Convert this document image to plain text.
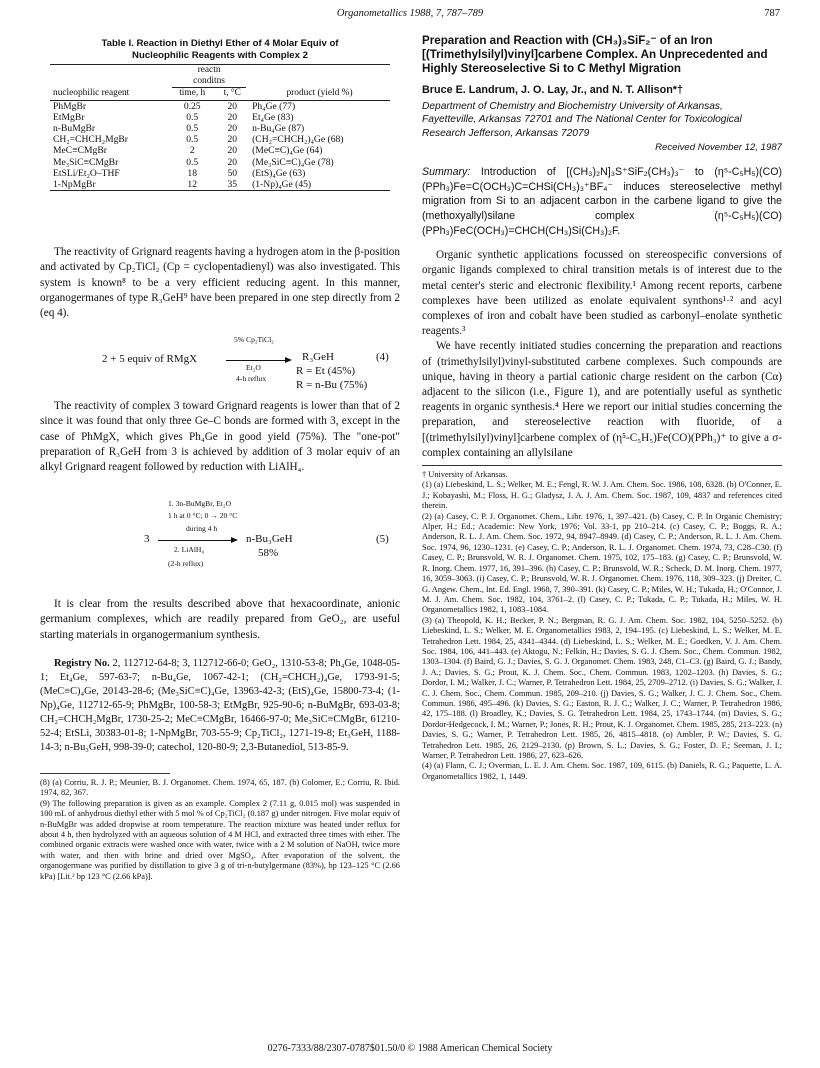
Organometallics 1988, 7, 787–789	787
Table I. Reaction in Diethyl Ether of 4 Molar Equiv of
Nucleophilic Reagents with Complex 2

	reactn
conditns		

nucleophilic reagent	time, h	t, °C	product (yield %)
PhMgBr	0.25	20	Ph₄Ge (77)
EtMgBr	0.5	20	Et₄Ge (83)
n-BuMgBr	0.5	20	n-Bu₄Ge (87)
CH₂=CHCH₂MgBr	0.5	20	(CH₂=CHCH₂)₄Ge (68)
MeC≡CMgBr	2	20	(MeC≡C)₄Ge (64)
Me₃SiC≡CMgBr	0.5	20	(Me₃SiC≡C)₄Ge (78)
EtSLi/Et₂O–THF	18	50	(EtS)₄Ge (63)
1-NpMgBr	12	35	(1-Np)₄Ge (45)

The reactivity of Grignard reagents having a hydrogen atom in the β-position and activated by Cp₂TiCl₂ (Cp = cyclopentadienyl) was also investigated. This system is known⁸ to be a very efficient reducing agent. In this manner, organogermanes of type R₃GeH⁹ have been prepared in one step directly from 2 (eq 4).

2 + 5 equiv of RMgX
5% Cp₂TiCl₂
Et₂O
4-h reflux
R₃GeH
R = Et (45%)
R = n-Bu (75%)
(4)

The reactivity of complex 3 toward Grignard reagents is lower than that of 2 since it was found that only three Ge–C bonds are formed with 3, except in the case of PhMgX, which gives Ph₄Ge in good yield (75%). The "one-pot" preparation of R₃GeH from 3 is achieved by addition of 3 molar equiv of an alkyl Grignard reagent followed by reduction with LiAlH₄.

1. 3n-BuMgBr, Et₂O
1 h at 0 °C; 0 → 20 °C
during 4 h
3
2. LiAlH₄
(2-h reflux)
n-Bu₃GeH
58%
(5)

It is clear from the results described above that hexacoordinate, anionic germanium complexes, which are readily prepared from GeO₂, are useful starting materials in organogermanium synthesis.

Registry No. 2, 112712-64-8; 3, 112712-66-0; GeO₂, 1310-53-8; Ph₄Ge, 1048-05-1; Et₄Ge, 597-63-7; n-Bu₄Ge, 1067-42-1; (CH₂=CHCH₂)₄Ge, 1793-91-5; (MeC≡C)₄Ge, 20143-28-6; (Me₃SiC≡C)₄Ge, 13963-42-3; (EtS)₄Ge, 15800-73-4; (1-Np)₄Ge, 112712-65-9; PhMgBr, 100-58-3; EtMgBr, 925-90-6; n-BuMgBr, 693-03-8; CH₂=CHCH₂MgBr, 1730-25-2; MeC≡CMgBr, 16466-97-0; Me₃SiC≡CMgBr, 61210-52-4; EtSLi, 30383-01-8; 1-NpMgBr, 703-55-9; Cp₂TiCl₂, 1271-19-8; Et₃GeH, 1188-14-3; n-Bu₃GeH, 998-39-0; catechol, 120-80-9; 2,3-Butanediol, 513-85-9.

(8) (a) Corriu, R. J. P.; Meunier, B. J. Organomet. Chem. 1974, 65, 187. (b) Colomer, E.; Corriu, R. Ibid. 1974, 82, 367.
(9) The following preparation is given as an example. Complex 2 (7.11 g, 0.015 mol) was suspended in 100 mL of anhydrous diethyl ether with 5 mol % of Cp₂TiCl₂ (0.187 g) under nitrogen. Five molar equiv of n-BuMgBr was added dropwise at room temperature. The reaction mixture was heated under reflux for about 4 h, then hydrolyzed with an aqueous solution of 4 M HCl, and extracted three times with ether. The combined organic extracts were washed once with water, twice with a 2 M solution of NaOH, twice more with water, and then with brine and dried over MgSO₄. After evaporation of the solvent, the organogermane was purified by distillation to give 3 g of tri-n-butylgermane (83%), bp 123–125 °C (2.66 kPa) [Lit.² bp 123 °C (2.66 kPa)].
Preparation and Reaction with (CH₃)₃SiF₂⁻ of an Iron [(Trimethylsilyl)vinyl]carbene Complex. An Unprecedented and Highly Stereoselective Si to C Methyl Migration
Bruce E. Landrum, J. O. Lay, Jr., and N. T. Allison*†
Department of Chemistry and Biochemistry University of Arkansas, Fayetteville, Arkansas 72701 and The National Center for Toxicological Research Jefferson, Arkansas 72079
Received November 12, 1987
Summary: Introduction of [(CH₃)₂N]₃S⁺SiF₂(CH₃)₃⁻ to (η⁵-C₅H₅)(CO)(PPh₃)Fe=C(OCH₃)C=CHSi(CH₃)₃⁺BF₄⁻ induces stereoselective methyl migration from Si to an adjacent carbon in the carbene ligand to give the (methoxyallyl)silane complex (η⁵-C₅H₅)(CO)(PPh₃)FeC(OCH₃)=CHCH(CH₃)Si(CH₃)₂F.

Organic synthetic applications focussed on stereospecific conversions of organic ligands complexed to chiral transition metals is of interest due to the metal center's steric and electronic flexibility.¹ Among recent reports, carbene complexes have been utilized as enolate equivalent synthons¹·² and acyl complexes of iron and cobalt have been studied as carbonyl–enolate synthetic reagents.³

We have recently initiated studies concerning the preparation and reactions of (trimethylsilyl)vinyl-substituted carbene complexes. Such compounds are unique, having in theory a partial cationic charge resident on the carbon (Cα) adjacent to the silicon (i.e., Figure 1), and are potentially useful as synthetic reagents in organic synthesis.⁴ Here we report our initial studies concerning the preparation, and stereoselective reaction with fluoride, of a [(trimethylsilyl)vinyl]carbene complex of (η⁵-C₅H₅)Fe(CO)(PPh₃)⁺ to give a σ-complex containing an allylsilane

† University of Arkansas.
(1) (a) Liebeskind, L. S.; Welker, M. E.; Fengl, R. W. J. Am. Chem. Soc. 1986, 108, 6328. (b) O'Conner, E. J.; Kobayashi, M.; Floss, H. G.; Gladysz, J. A. J. Am. Chem. Soc. 1987, 109, 4837 and references cited therein.
(2) (a) Casey, C. P. J. Organomet. Chem., Libr. 1976, 1, 397–421. (b) Casey, C. P. In Organic Chemistry; Alper, H.; Ed.; Academic: New York, 1976; Vol. 33-1, pp 210–214. (c) Casey, C. P.; Boggs, R. A.; Anderson, R. L. J. Am. Chem. Soc. 1972, 94, 8947–8949. (d) Casey, C. P.; Anderson, R. L. J. Am. Chem. Soc. 1974, 96, 1230–1231. (e) Casey, C. P.; Anderson, R. L. J. Organomet. Chem. 1974, 73, C28–C30. (f) Casey, C. P.; Brunsvold, W. R. J. Organomet. Chem. 1975, 102, 175–183. (g) Casey, C. P.; Brunsvold, W. R. Inorg. Chem. 1977, 16, 391–396. (h) Casey, C. P.; Brunsvold, W. R.; Scheck, D. M. Inorg. Chem. 1977, 16, 3059–3063. (i) Casey, C. P.; Brunsvold, W. R. J. Organomet. Chem. 1976, 118, 309–323. (j) Dreiter, C. G. Angew. Chem., Int. Ed. Engl. 1968, 7, 390–391. (k) Casey, C. P.; Miles, W. H.; Tukada, H.; O'Connor, J. M. J. Am. Chem. Soc. 1982, 104, 3761–2. (l) Casey, C. P.; Tukada, C. P.; Tukada, H.; Miles, W. H. Organometallics 1982, 1, 1083–1084.
(3) (a) Theopold, K. H.; Becker, P. N.; Bergman, R. G. J. Am. Chem. Soc. 1982, 104, 5250–5252. (b) Liebeskind, L. S.; Welker, M. E. Organometallics 1983, 2, 194–195. (c) Liebeskind, L. S.; Welker, M. E. Tetrahedron Lett. 1984, 25, 4341–4344. (d) Liebeskind, L. S.; Welker, M. E.; Goedken, V. J. Am. Chem. Soc. 1984, 106, 441–443. (e) Aktogu, N.; Felkin, H.; Davies, S. G. J. Chem. Soc., Chem. Commun. 1982, 1303–1304. (f) Baird, G. J.; Davies, S. G. J. Organomet. Chem. 1983, 248, C1–C3. (g) Baird, G. J.; Bandy, J. A.; Davies, S. G.; Prout, K. J. Chem. Soc., Chem. Commun. 1983, 1202–1203. (h) Davies, S. G.; Dordor, I. M.; Walker, J. C.; Warner, P. Tetrahedron Lett. 1984, 25, 2709–2712. (i) Davies, S. G.; Walker, J. C. J. Chem. Soc., Chem. Commun. 1985, 209–210. (j) Davies, S. G.; Walker, J. C. J. Chem. Soc., Chem. Commun. 1986, 495–496. (k) Davies, S. G.; Easton, R. J. C.; Walker, J. C.; Warner, P. Tetrahedron 1986, 42, 175–188. (l) Broadley, K.; Davies, S. G. Tetrahedron Lett. 1984, 25, 1743–1744. (m) Davies, S. G.; Dordor-Hedgecock, I. M.; Warner, P.; Jones, R. H.; Prout, K. J. Organomet. Chem. 1985, 285, 213–223. (n) Davies, S. G.; Warner, P. Tetrahedron Lett. 1985, 26, 4815–4818. (o) Ambler, P. W.; Davies, S. G. Tetrahedron Lett. 1985, 26, 2129–2130. (p) Brown, S. L.; Davies, S. G.; Foster, D. F.; Seeman, J. I.; Warner, P. Tetrahedron Lett. 1986, 27, 623–626.
(4) (a) Flann, C. J.; Overman, L. E. J. Am. Chem. Soc. 1987, 109, 6115. (b) Daniels, R. G.; Paquette, L. A. Organometallics 1982, 1, 1449.
0276-7333/88/2307-0787$01.50/0 © 1988 American Chemical Society
